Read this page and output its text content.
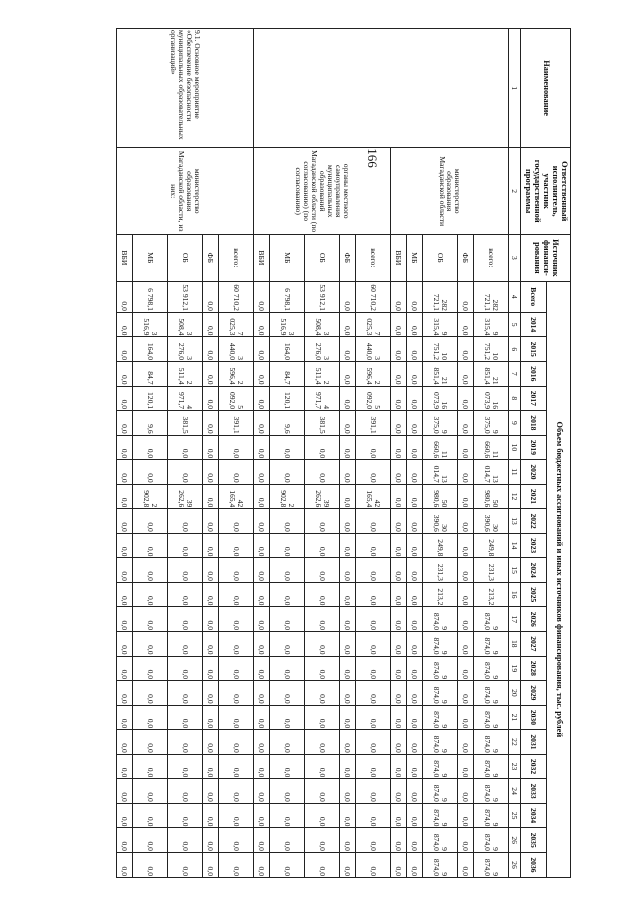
166
Наименование	Ответственный исполнитель, участник государственной программы	Источник финанси-рования	Объем бюджетных ассигнований и иных источников финансирования, тыс. рублей																							
			Всего	2014	2015	2016	2017	2018	2019	2020	2021	2022	2023	2024	2025	2026	2027	2028	2029	2030	2031	2032	2033	2034	2035	2036
1	2	3	4	5	6	7	8	9	10	11	12	13	14	15	16	17	18	19	20	21	22	23	24	25	26	26
	министерство образования Магаданской области	всего:	282 721,1	9 315,4	10 751,2	21 851,4	16 073,9	9 375,0	11 660,6	13 014,7	50 980,6	30 390,6	249,8	231,3	213,2	9 874,0	9 874,0	9 874,0	9 874,0	9 874,0	9 874,0	9 874,0	9 874,0	9 874,0	9 874,0	9 874,0
		ФБ	0,0	0,0	0,0	0,0	0,0	0,0	0,0	0,0	0,0	0,0	0,0	0,0	0,0	0,0	0,0	0,0	0,0	0,0	0,0	0,0	0,0	0,0	0,0	0,0
		ОБ	282 721,1	9 315,4	10 751,2	21 851,4	16 073,9	9 375,0	11 660,6	13 014,7	50 980,6	30 390,6	249,8	231,3	213,2	9 874,0	9 874,0	9 874,0	9 874,0	9 874,0	9 874,0	9 874,0	9 874,0	9 874,0	9 874,0	9 874,0
		МБ	0,0	0,0	0,0	0,0	0,0	0,0	0,0	0,0	0,0	0,0	0,0	0,0	0,0	0,0	0,0	0,0	0,0	0,0	0,0	0,0	0,0	0,0	0,0	0,0
		ВБИ	0,0	0,0	0,0	0,0	0,0	0,0	0,0	0,0	0,0	0,0	0,0	0,0	0,0	0,0	0,0	0,0	0,0	0,0	0,0	0,0	0,0	0,0	0,0	0,0
	органы местного самоуправления муниципальных образований Магаданской области (по согласованию) (по согласованию)	всего:	60 710,2	7 025,3	3 440,0	2 596,4	5 092,0	391,1	0,0	0,0	42 165,4	0,0	0,0	0,0	0,0	0,0	0,0	0,0	0,0	0,0	0,0	0,0	0,0	0,0	0,0	0,0
		ФБ	0,0	0,0	0,0	0,0	0,0	0,0	0,0	0,0	0,0	0,0	0,0	0,0	0,0	0,0	0,0	0,0	0,0	0,0	0,0	0,0	0,0	0,0	0,0	0,0
		ОБ	53 912,1	3 508,4	3 276,0	2 511,4	4 971,7	381,5	0,0	0,0	39 262,6	0,0	0,0	0,0	0,0	0,0	0,0	0,0	0,0	0,0	0,0	0,0	0,0	0,0	0,0	0,0
		МБ	6 798,1	3 516,9	164,0	84,7	120,1	9,6	0,0	0,0	2 902,8	0,0	0,0	0,0	0,0	0,0	0,0	0,0	0,0	0,0	0,0	0,0	0,0	0,0	0,0	0,0
		ВБИ	0,0	0,0	0,0	0,0	0,0	0,0	0,0	0,0	0,0	0,0	0,0	0,0	0,0	0,0	0,0	0,0	0,0	0,0	0,0	0,0	0,0	0,0	0,0	0,0
9.1. Основное мероприятие «Обеспечение безопасности муниципальных образовательных организаций»	министерство образования Магаданской области, из них:	всего:	60 710,2	7 025,3	3 440,0	2 596,4	5 092,0	391,1	0,0	0,0	42 165,4	0,0	0,0	0,0	0,0	0,0	0,0	0,0	0,0	0,0	0,0	0,0	0,0	0,0	0,0	0,0
		ФБ	0,0	0,0	0,0	0,0	0,0	0,0	0,0	0,0	0,0	0,0	0,0	0,0	0,0	0,0	0,0	0,0	0,0	0,0	0,0	0,0	0,0	0,0	0,0	0,0
		ОБ	53 912,1	3 508,4	3 276,0	2 511,4	4 971,7	381,5	0,0	0,0	39 262,6	0,0	0,0	0,0	0,0	0,0	0,0	0,0	0,0	0,0	0,0	0,0	0,0	0,0	0,0	0,0
		МБ	6 798,1	3 516,9	164,0	84,7	120,1	9,6	0,0	0,0	2 902,8	0,0	0,0	0,0	0,0	0,0	0,0	0,0	0,0	0,0	0,0	0,0	0,0	0,0	0,0	0,0
		ВБИ	0,0	0,0	0,0	0,0	0,0	0,0	0,0	0,0	0,0	0,0	0,0	0,0	0,0	0,0	0,0	0,0	0,0	0,0	0,0	0,0	0,0	0,0	0,0	0,0
